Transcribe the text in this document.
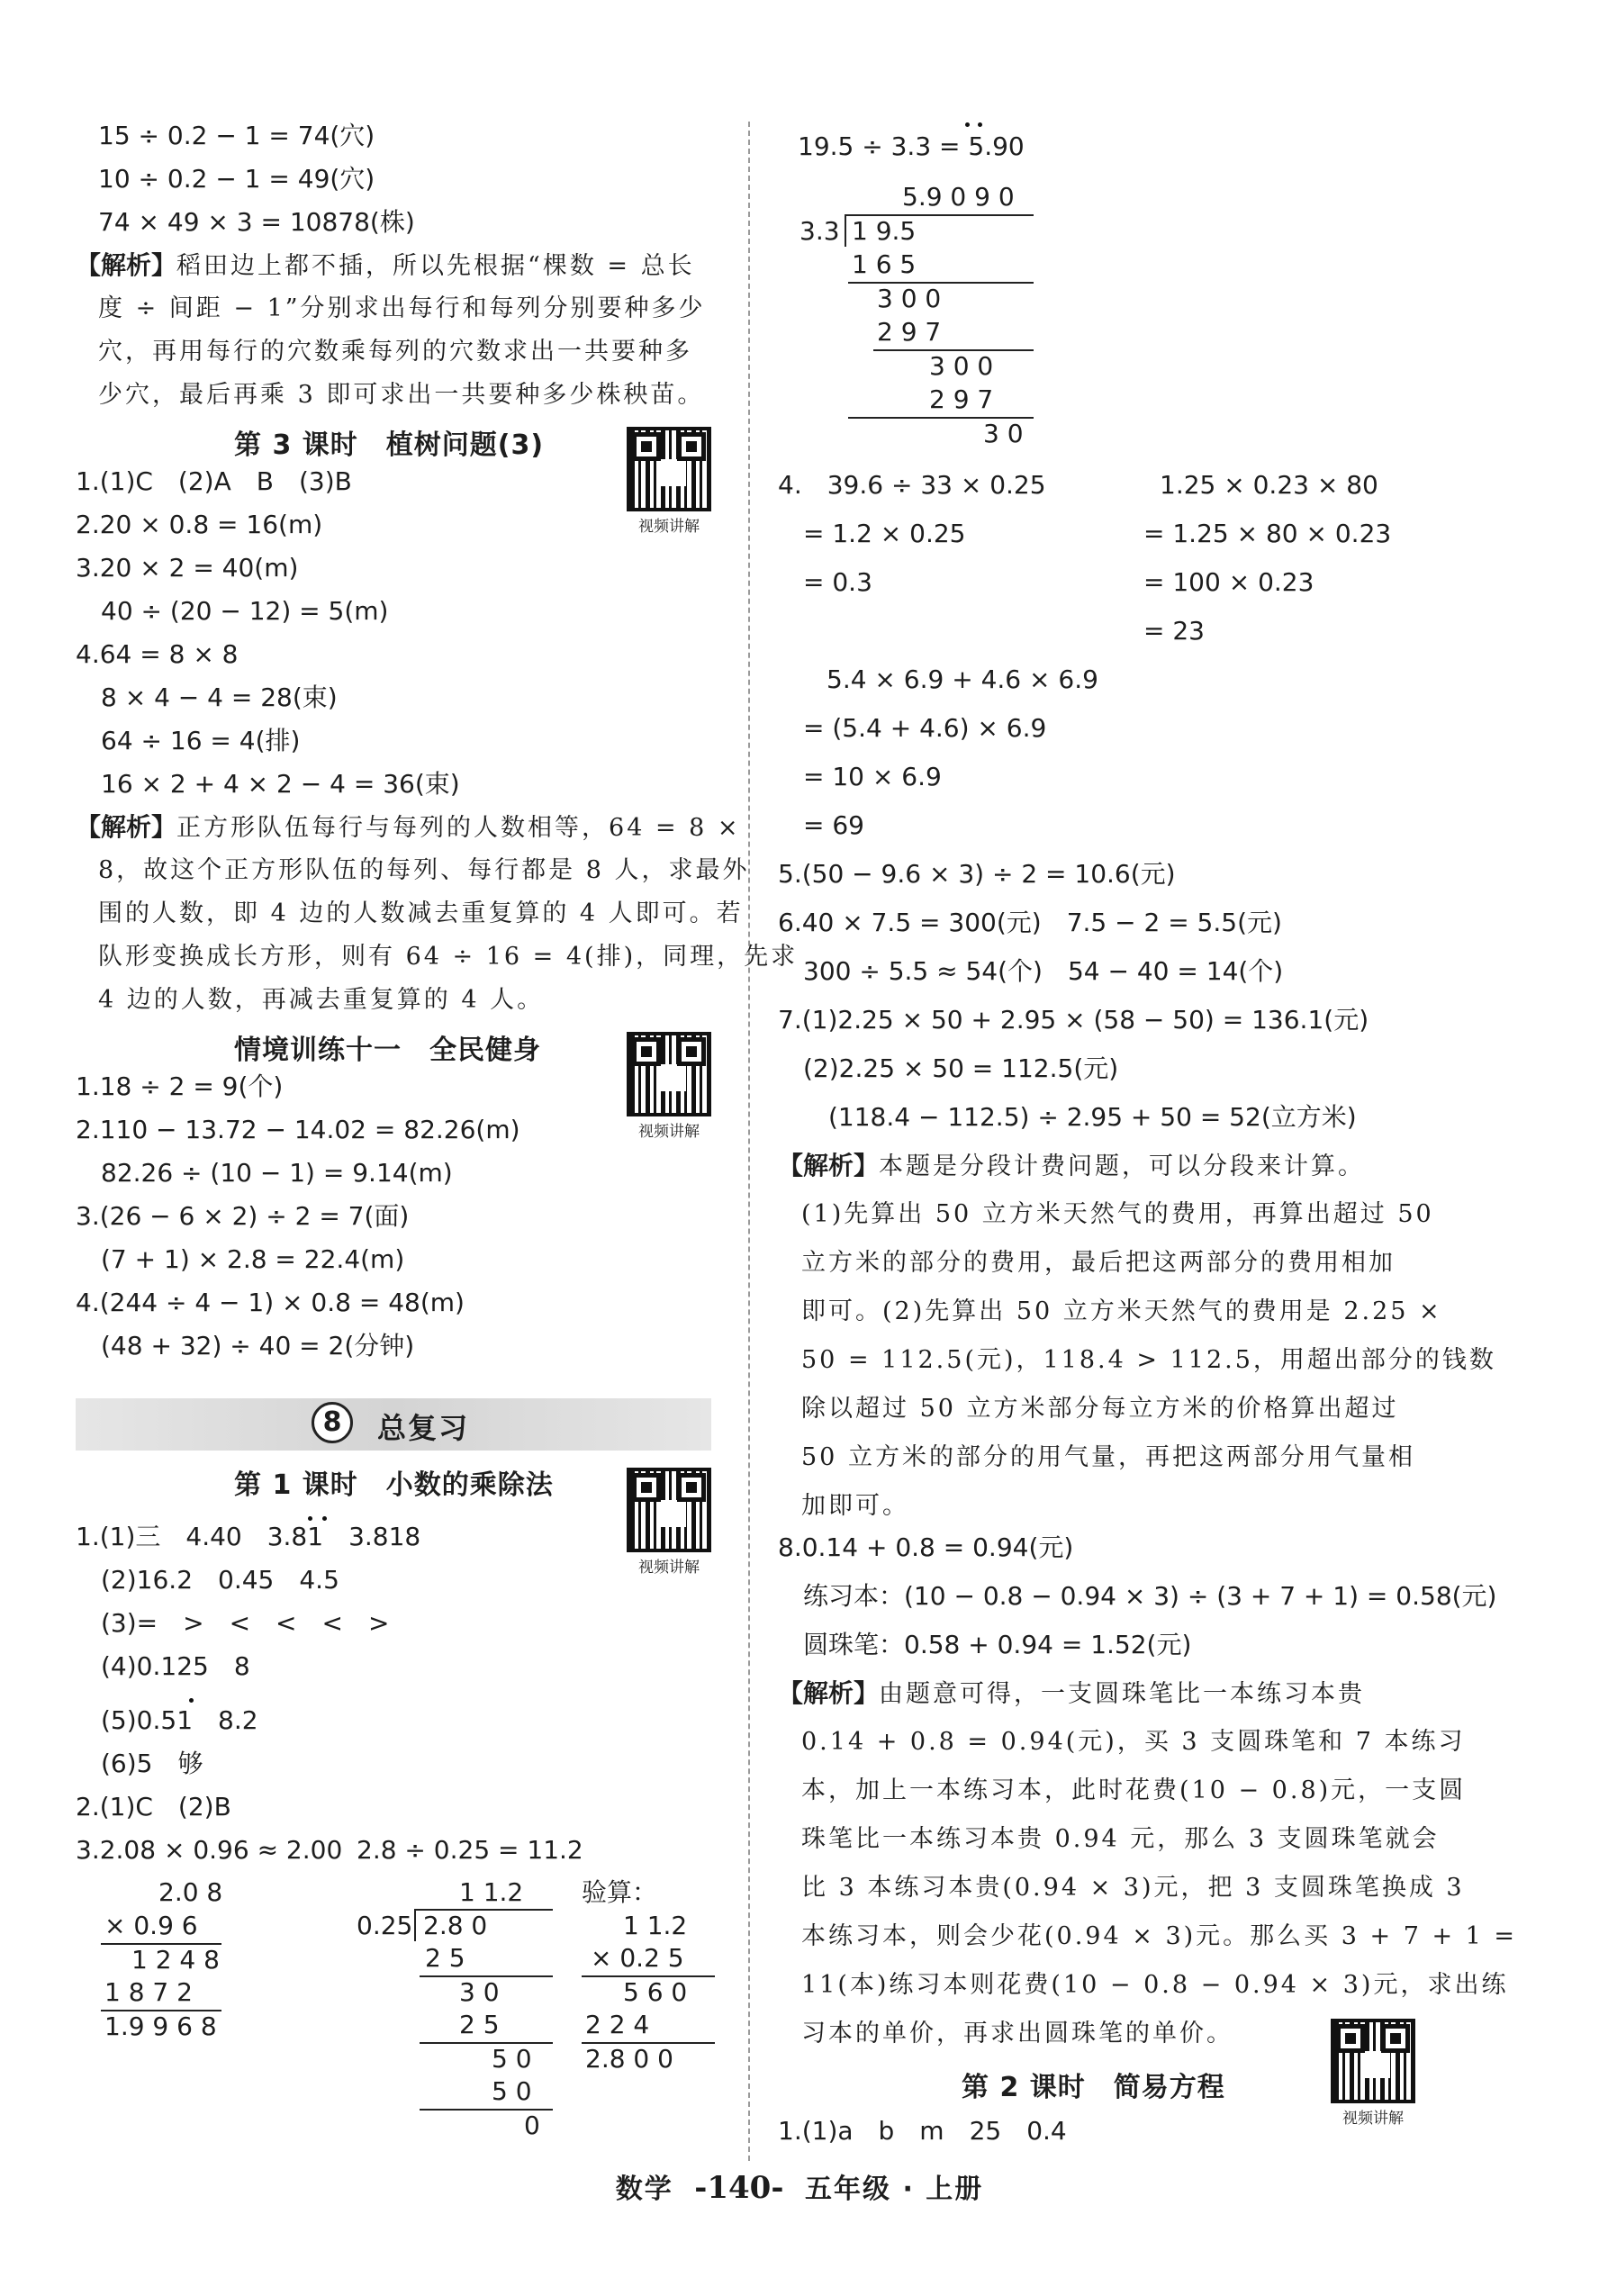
15 ÷ 0.2 − 1 = 74(穴)
10 ÷ 0.2 − 1 = 49(穴)
74 × 49 × 3 = 10878(株)
【解析】稻田边上都不插，所以先根据“棵数 = 总长
度 ÷ 间距 − 1”分别求出每行和每列分别要种多少
穴，再用每行的穴数乘每列的穴数求出一共要种多
少穴，最后再乘 3 即可求出一共要种多少株秧苗。
第 3 课时　植树问题(3)
视频讲解
1.(1)C　(2)A　B　(3)B
2.20 × 0.8 = 16(m)
3.20 × 2 = 40(m)
　40 ÷ (20 − 12) = 5(m)
4.64 = 8 × 8
　8 × 4 − 4 = 28(束)
　64 ÷ 16 = 4(排)
　16 × 2 + 4 × 2 − 4 = 36(束)
【解析】正方形队伍每行与每列的人数相等，64 = 8 ×
8，故这个正方形队伍的每列、每行都是 8 人，求最外
围的人数，即 4 边的人数减去重复算的 4 人即可。若
队形变换成长方形，则有 64 ÷ 16 = 4(排)，同理，先求
4 边的人数，再减去重复算的 4 人。
情境训练十一　全民健身
视频讲解
1.18 ÷ 2 = 9(个)
2.110 − 13.72 − 14.02 = 82.26(m)
　82.26 ÷ (10 − 1) = 9.14(m)
3.(26 − 6 × 2) ÷ 2 = 7(面)
　(7 + 1) × 2.8 = 22.4(m)
4.(244 ÷ 4 − 1) × 0.8 = 48(m)
　(48 + 32) ÷ 40 = 2(分钟)
8	总复习
第 1 课时　小数的乘除法
视频讲解
1.(1)三　4.40　3.81　3.818
　(2)16.2　0.45　4.5
　(3)=　>　<　<　<　>
　(4)0.125　8
　(5)0.51　8.2
　(6)5　够
2.(1)C　(2)B
3.2.08 × 0.96 ≈ 2.00 2.8 ÷ 0.25 = 11.2
2.0 8
× 0.9 6
1 2 4 8
1 8 7 2
1.9 9 6 8
1 1.2
0.25 2.8 0
2 5
3 0
2 5
5 0
5 0
0
验算：
1 1.2
× 0.2 5
5 6 0
2 2 4
2.8 0 0
19.5 ÷ 3.3 = 5.90
5.9 0 9 0
3.3 1 9.5
1 6 5
3 0 0
2 9 7
3 0 0
2 9 7
3 0
4.　39.6 ÷ 33 × 0.25
　= 1.2 × 0.25
　= 0.3
1.25 × 0.23 × 80
= 1.25 × 80 × 0.23
= 100 × 0.23
= 23
5.4 × 6.9 + 4.6 × 6.9
= (5.4 + 4.6) × 6.9
= 10 × 6.9
= 69
5.(50 − 9.6 × 3) ÷ 2 = 10.6(元)
6.40 × 7.5 = 300(元)　7.5 − 2 = 5.5(元)
　300 ÷ 5.5 ≈ 54(个)　54 − 40 = 14(个)
7.(1)2.25 × 50 + 2.95 × (58 − 50) = 136.1(元)
　(2)2.25 × 50 = 112.5(元)
　　(118.4 − 112.5) ÷ 2.95 + 50 = 52(立方米)
【解析】本题是分段计费问题，可以分段来计算。
(1)先算出 50 立方米天然气的费用，再算出超过 50
立方米的部分的费用，最后把这两部分的费用相加
即可。(2)先算出 50 立方米天然气的费用是 2.25 ×
50 = 112.5(元)，118.4 > 112.5，用超出部分的钱数
除以超过 50 立方米部分每立方米的价格算出超过
50 立方米的部分的用气量，再把这两部分用气量相
加即可。
8.0.14 + 0.8 = 0.94(元)
　练习本：(10 − 0.8 − 0.94 × 3) ÷ (3 + 7 + 1) = 0.58(元)
　圆珠笔：0.58 + 0.94 = 1.52(元)
【解析】由题意可得，一支圆珠笔比一本练习本贵
0.14 + 0.8 = 0.94(元)，买 3 支圆珠笔和 7 本练习
本，加上一本练习本，此时花费(10 − 0.8)元，一支圆
珠笔比一本练习本贵 0.94 元，那么 3 支圆珠笔就会
比 3 本练习本贵(0.94 × 3)元，把 3 支圆珠笔换成 3
本练习本，则会少花(0.94 × 3)元。那么买 3 + 7 + 1 =
11(本)练习本则花费(10 − 0.8 − 0.94 × 3)元，求出练
习本的单价，再求出圆珠笔的单价。
第 2 课时　简易方程
视频讲解
1.(1)a　b　m　25　0.4
数学 -140- 五年级 · 上册
